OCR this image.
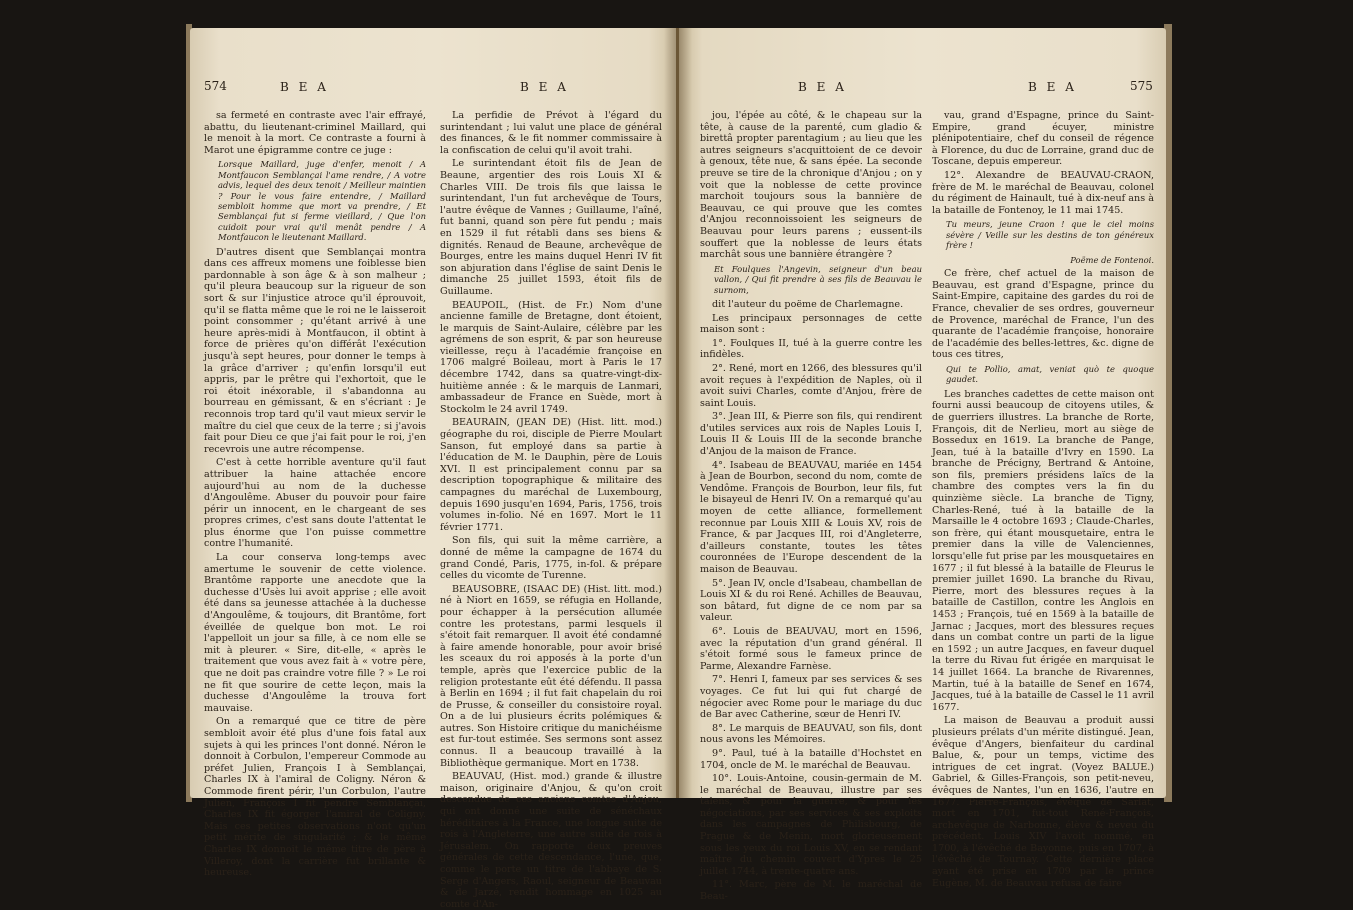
574	B E A	B E A

sa fermeté en contraste avec l'air effrayé, abattu, du lieutenant-criminel Maillard, qui le menoit à la mort. Ce contraste a fourni à Marot une épigramme contre ce juge :

Lorsque Maillard, juge d'enfer, menoit / A Montfaucon Semblançai l'ame rendre, / A votre advis, lequel des deux tenoit / Meilleur maintien ? Pour le vous faire entendre, / Maillard sembloit homme que mort va prendre, / Et Semblançai fut si ferme vieillard, / Que l'on cuidoit pour vrai qu'il menât pendre / A Montfaucon le lieutenant Maillard.

D'autres disent que Semblançai montra dans ces affreux momens une foiblesse bien pardonnable à son âge & à son malheur ; qu'il pleura beaucoup sur la rigueur de son sort & sur l'injustice atroce qu'il éprouvoit, qu'il se flatta même que le roi ne le laisseroit point consommer ; qu'étant arrivé à une heure après-midi à Montfaucon, il obtint à force de prières qu'on différât l'exécution jusqu'à sept heures, pour donner le temps à la grâce d'arriver ; qu'enfin lorsqu'il eut appris, par le prêtre qui l'exhortoit, que le roi étoit inéxorable, il s'abandonna au bourreau en gémissant, & en s'écriant : Je reconnois trop tard qu'il vaut mieux servir le maître du ciel que ceux de la terre ; si j'avois fait pour Dieu ce que j'ai fait pour le roi, j'en recevrois une autre récompense.

C'est à cette horrible aventure qu'il faut attribuer la haine attachée encore aujourd'hui au nom de la duchesse d'Angoulême. Abuser du pouvoir pour faire périr un innocent, en le chargeant de ses propres crimes, c'est sans doute l'attentat le plus énorme que l'on puisse commettre contre l'humanité.

La cour conserva long-temps avec amertume le souvenir de cette violence. Brantôme rapporte une anecdote que la duchesse d'Usès lui avoit apprise ; elle avoit été dans sa jeunesse attachée à la duchesse d'Angoulême, & toujours, dit Brantôme, fort éveillée de quelque bon mot. Le roi l'appelloit un jour sa fille, à ce nom elle se mit à pleurer. « Sire, dit-elle, « après le traitement que vous avez fait à « votre père, que ne doit pas craindre votre fille ? » Le roi ne fit que sourire de cette leçon, mais la duchesse d'Angoulême la trouva fort mauvaise.

On a remarqué que ce titre de père sembloit avoir été plus d'une fois fatal aux sujets à qui les princes l'ont donné. Néron le donnoit à Corbulon, l'empereur Commode au préfet Julien, François I à Semblançai, Charles IX à l'amiral de Coligny. Néron & Commode firent périr, l'un Corbulon, l'autre Julien, François I fit pendre Semblançai, Charles IX fit égorger l'amiral de Coligny. Mais ces petites observations n'ont qu'un petit mérite de singularité ; & le même Charles IX donnoit le même titre de père à Villeroy, dont la carrière fut brillante & heureuse.

La perfidie de Prévot à l'égard du surintendant ; lui valut une place de général des finances, & le fit nommer commissaire à la confiscation de celui qu'il avoit trahi.

Le surintendant étoit fils de Jean de Beaune, argentier des rois Louis XI & Charles VIII. De trois fils que laissa le surintendant, l'un fut archevêque de Tours, l'autre évêque de Vannes ; Guillaume, l'aîné, fut banni, quand son père fut pendu ; mais en 1529 il fut rétabli dans ses biens & dignités. Renaud de Beaune, archevêque de Bourges, entre les mains duquel Henri IV fit son abjuration dans l'église de saint Denis le dimanche 25 juillet 1593, étoit fils de Guillaume.

BEAUPOIL, (Hist. de Fr.) Nom d'une ancienne famille de Bretagne, dont étoient, le marquis de Saint-Aulaire, célèbre par les agrémens de son esprit, & par son heureuse vieillesse, reçu à l'académie françoise en 1706 malgré Boileau, mort à Paris le 17 décembre 1742, dans sa quatre-vingt-dix-huitième année : & le marquis de Lanmari, ambassadeur de France en Suède, mort à Stockolm le 24 avril 1749.

BEAURAIN, (JEAN DE) (Hist. litt. mod.) géographe du roi, disciple de Pierre Moulart Sanson, fut employé dans sa partie à l'éducation de M. le Dauphin, père de Louis XVI. Il est principalement connu par sa description topographique & militaire des campagnes du maréchal de Luxembourg, depuis 1690 jusqu'en 1694, Paris, 1756, trois volumes in-folio. Né en 1697. Mort le 11 février 1771.

Son fils, qui suit la même carrière, a donné de même la campagne de 1674 du grand Condé, Paris, 1775, in-fol. & prépare celles du vicomte de Turenne.

BEAUSOBRE, (ISAAC DE) (Hist. litt. mod.) né à Niort en 1659, se réfugia en Hollande, pour échapper à la persécution allumée contre les protestans, parmi lesquels il s'étoit fait remarquer. Il avoit été condamné à faire amende honorable, pour avoir brisé les sceaux du roi apposés à la porte d'un temple, après que l'exercice public de la religion protestante eût été défendu. Il passa à Berlin en 1694 ; il fut fait chapelain du roi de Prusse, & conseiller du consistoire royal. On a de lui plusieurs écrits polémiques & autres. Son Histoire critique du manichéisme est fur-tout estimée. Ses sermons sont assez connus. Il a beaucoup travaillé à la Bibliothèque germanique. Mort en 1738.

BEAUVAU, (Hist. mod.) grande & illustre maison, originaire d'Anjou, & qu'on croit descendue de ces anciens comtes d'Anjou, qui ont donné une suite de sénéchaux héréditaires à la France, une longue suite de rois à l'Angleterre, une autre suite de rois à Jérusalem. On rapporte deux preuves générales de cette descendance, l'une, que, comme le porte un titre de l'abbaye de S. Serge d'Angers, Raoul, seigneur de Beauvau & de Jarzé, rendit hommage en 1025 au comte d'An-

B E A	B E A	575

jou, l'épée au côté, & le chapeau sur la tête, à cause de la parenté, cum gladio & birettâ propter parentagium ; au lieu que les autres seigneurs s'acquittoient de ce devoir à genoux, tête nue, & sans épée. La seconde preuve se tire de la chronique d'Anjou ; on y voit que la noblesse de cette province marchoit toujours sous la bannière de Beauvau, ce qui prouve que les comtes d'Anjou reconnoissoient les seigneurs de Beauvau pour leurs parens ; eussent-ils souffert que la noblesse de leurs états marchât sous une bannière étrangère ?

Et Foulques l'Angevin, seigneur d'un beau vallon, / Qui fit prendre à ses fils de Beauvau le surnom,

dit l'auteur du poëme de Charlemagne.

Les principaux personnages de cette maison sont :

1°. Foulques II, tué à la guerre contre les infidèles.

2°. René, mort en 1266, des blessures qu'il avoit reçues à l'expédition de Naples, où il avoit suivi Charles, comte d'Anjou, frère de saint Louis.

3°. Jean III, & Pierre son fils, qui rendirent d'utiles services aux rois de Naples Louis I, Louis II & Louis III de la seconde branche d'Anjou de la maison de France.

4°. Isabeau de BEAUVAU, mariée en 1454 à Jean de Bourbon, second du nom, comte de Vendôme. François de Bourbon, leur fils, fut le bisayeul de Henri IV. On a remarqué qu'au moyen de cette alliance, formellement reconnue par Louis XIII & Louis XV, rois de France, & par Jacques III, roi d'Angleterre, d'ailleurs constante, toutes les têtes couronnées de l'Europe descendent de la maison de Beauvau.

5°. Jean IV, oncle d'Isabeau, chambellan de Louis XI & du roi René. Achilles de Beauvau, son bâtard, fut digne de ce nom par sa valeur.

6°. Louis de BEAUVAU, mort en 1596, avec la réputation d'un grand général. Il s'étoit formé sous le fameux prince de Parme, Alexandre Farnèse.

7°. Henri I, fameux par ses services & ses voyages. Ce fut lui qui fut chargé de négocier avec Rome pour le mariage du duc de Bar avec Catherine, sœur de Henri IV.

8°. Le marquis de BEAUVAU, son fils, dont nous avons les Mémoires.

9°. Paul, tué à la bataille d'Hochstet en 1704, oncle de M. le maréchal de Beauvau.

10°. Louis-Antoine, cousin-germain de M. le maréchal de Beauvau, illustre par ses talens, & pour la guerre, & pour les négociations, par ses services & ses exploits dans les campagnes de Philisbourg, de Prague & de Menin, mort glorieusement sous les yeux du roi Louis XV, en se rendant maître du chemin couvert d'Ypres le 25 juillet 1744, à trente-quatre ans.

11°. Marc, père de M. le maréchal de Beau-

vau, grand d'Espagne, prince du Saint-Empire, grand écuyer, ministre plénipotentiaire, chef du conseil de régence à Florence, du duc de Lorraine, grand duc de Toscane, depuis empereur.

12°. Alexandre de BEAUVAU-CRAON, frère de M. le maréchal de Beauvau, colonel du régiment de Hainault, tué à dix-neuf ans à la bataille de Fontenoy, le 11 mai 1745.

Tu meurs, jeune Craon ! que le ciel moins sévère / Veille sur les destins de ton généreux frère !

Poëme de Fontenoi.

Ce frère, chef actuel de la maison de Beauvau, est grand d'Espagne, prince du Saint-Empire, capitaine des gardes du roi de France, chevalier de ses ordres, gouverneur de Provence, maréchal de France, l'un des quarante de l'académie françoise, honoraire de l'académie des belles-lettres, &c. digne de tous ces titres,

Qui te Pollio, amat, veniat quò te quoque gaudet.

Les branches cadettes de cette maison ont fourni aussi beaucoup de citoyens utiles, & de guerriers illustres. La branche de Rorte, François, dit de Nerlieu, mort au siège de Bossedux en 1619. La branche de Pange, Jean, tué à la bataille d'Ivry en 1590. La branche de Précigny, Bertrand & Antoine, son fils, premiers présidens laïcs de la chambre des comptes vers la fin du quinzième siècle. La branche de Tigny, Charles-René, tué à la bataille de la Marsaille le 4 octobre 1693 ; Claude-Charles, son frère, qui étant mousquetaire, entra le premier dans la ville de Valenciennes, lorsqu'elle fut prise par les mousquetaires en 1677 ; il fut blessé à la bataille de Fleurus le premier juillet 1690. La branche du Rivau, Pierre, mort des blessures reçues à la bataille de Castillon, contre les Anglois en 1453 ; François, tué en 1569 à la bataille de Jarnac ; Jacques, mort des blessures reçues dans un combat contre un parti de la ligue en 1592 ; un autre Jacques, en faveur duquel la terre du Rivau fut érigée en marquisat le 14 juillet 1664. La branche de Rivarennes, Martin, tué à la bataille de Senef en 1674, Jacques, tué à la bataille de Cassel le 11 avril 1677.

La maison de Beauvau a produit aussi plusieurs prélats d'un mérite distingué. Jean, évêque d'Angers, bienfaiteur du cardinal Balue, &, pour un temps, victime des intrigues de cet ingrat. (Voyez BALUE.) Gabriel, & Gilles-François, son petit-neveu, évêques de Nantes, l'un en 1636, l'autre en 1677. Pierre-François, évêque de Sarlat, mort en 1701, fut-tout René-François, archevêque de Narbonne, élève & neveu du précédent. Louis XIV l'avoit nommé, en 1700, à l'évêché de Bayonne, puis en 1707, à l'évêché de Tournay. Cette dernière place ayant été prise en 1709 par le prince Eugène, M. de Beauvau refusa de faire
